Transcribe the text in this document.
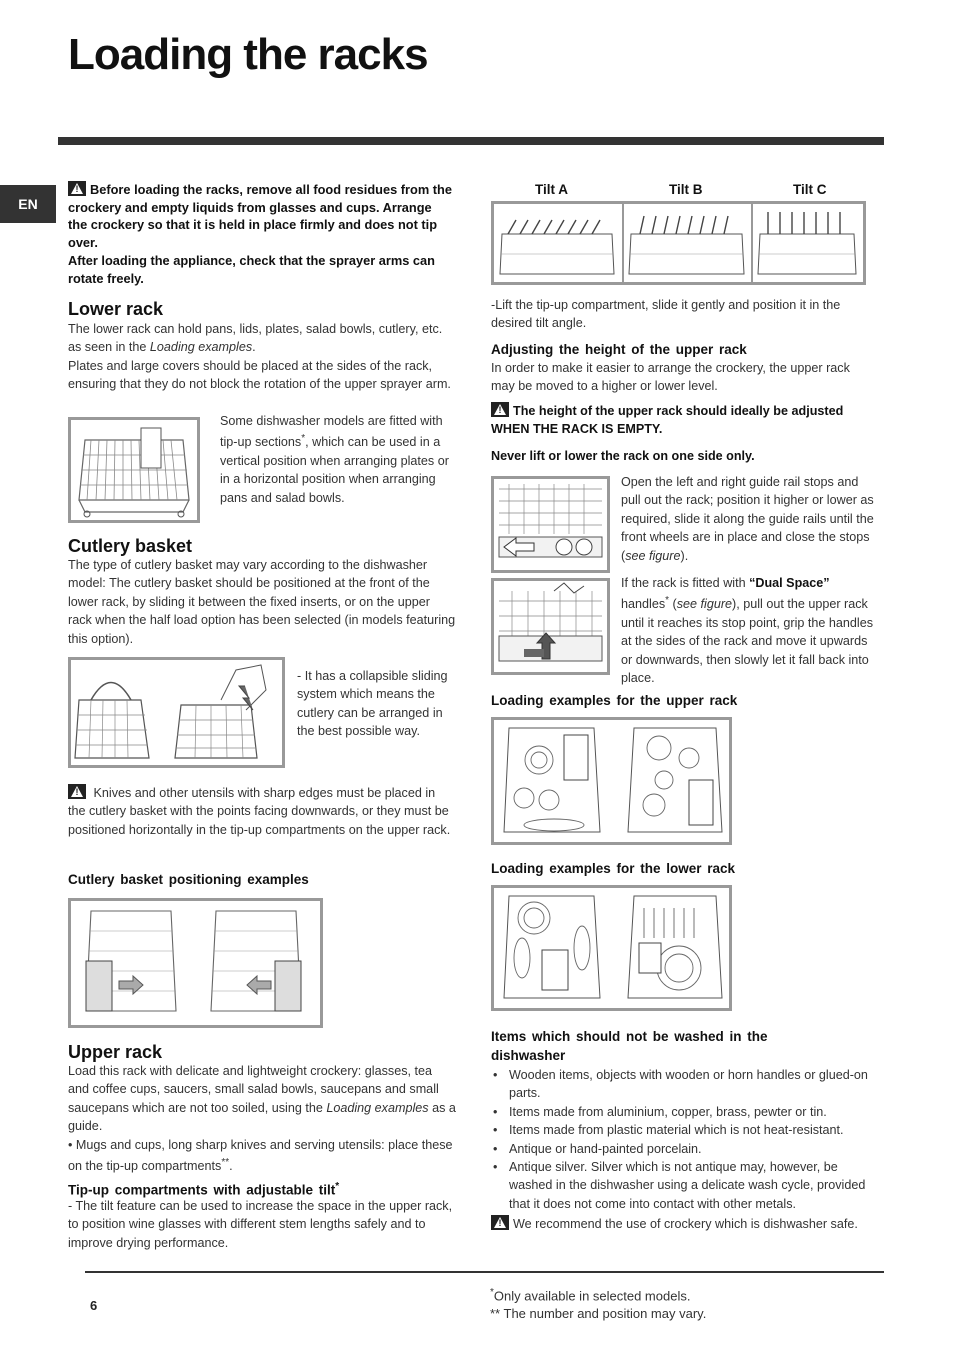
Loading the racks
EN
!Before loading the racks, remove all food residues from the crockery and empty liquids from glasses and cups. Arrange the crockery so that it is held in place firmly and does not tip over.
After loading the appliance, check that the sprayer arms can rotate freely.
Lower rack
The lower rack can hold pans, lids, plates, salad bowls, cutlery, etc. as seen in the Loading examples.
Plates and large covers should be placed at the sides of the rack, ensuring that they do not block the rotation of the upper sprayer arm.
Some dishwasher models are fitted with tip-up sections*, which can be used in a vertical position when arranging plates or in a horizontal position when arranging pans and salad bowls.
Cutlery basket
The type of cutlery basket may vary according to the dishwasher model: The cutlery basket should be positioned at the front of the lower rack, by sliding it between the fixed inserts, or on the upper rack when the half load option has been selected (in models featuring this option).
- It has a collapsible sliding system which means the cutlery can be arranged in the best possible way.
! Knives and other utensils with sharp edges must be placed in the cutlery basket with the points facing downwards, or they must be positioned horizontally in the tip-up compartments on the upper rack.
Cutlery basket positioning examples
Upper rack
Load this rack with delicate and lightweight crockery: glasses, tea and coffee cups, saucers, small salad bowls, saucepans and small saucepans which are not too soiled, using the Loading examples as a guide.
• Mugs and cups, long sharp knives and serving utensils: place these on the tip-up compartments**.
Tip-up compartments with adjustable tilt*
- The tilt feature can be used to increase the space in the upper rack, to position wine glasses with different stem lengths safely and to improve drying performance.
Tilt A	Tilt B	Tilt C
-Lift the tip-up compartment, slide it gently and position it in the desired tilt angle.
Adjusting the height of the upper rack
In order to make it easier to arrange the crockery, the upper rack may be moved to a higher or lower level.
!The height of the upper rack should ideally be adjusted WHEN THE RACK IS EMPTY.
Never lift or lower the rack on one side only.
Open the left and right guide rail stops and pull out the rack; position it higher or lower as required, slide it along the guide rails until the front wheels are in place and close the stops (see figure).
If the rack is fitted with “Dual Space” handles* (see figure), pull out the upper rack until it reaches its stop point, grip the handles at the sides of the rack and move it upwards or downwards, then slowly let it fall back into place.
Loading examples for the upper rack
Loading examples for the lower rack
Items which should not be washed in the dishwasher
• Wooden items, objects with wooden or horn handles or glued-on parts.
• Items made from aluminium, copper, brass, pewter or tin.
• Items made from plastic material which is not heat-resistant.
• Antique or hand-painted porcelain.
• Antique silver. Silver which is not antique may, however, be washed in the dishwasher using a delicate wash cycle, provided that it does not come into contact with other metals.
!We recommend the use of crockery which is dishwasher safe.
6
*Only available in selected models.
** The number and position may vary.
